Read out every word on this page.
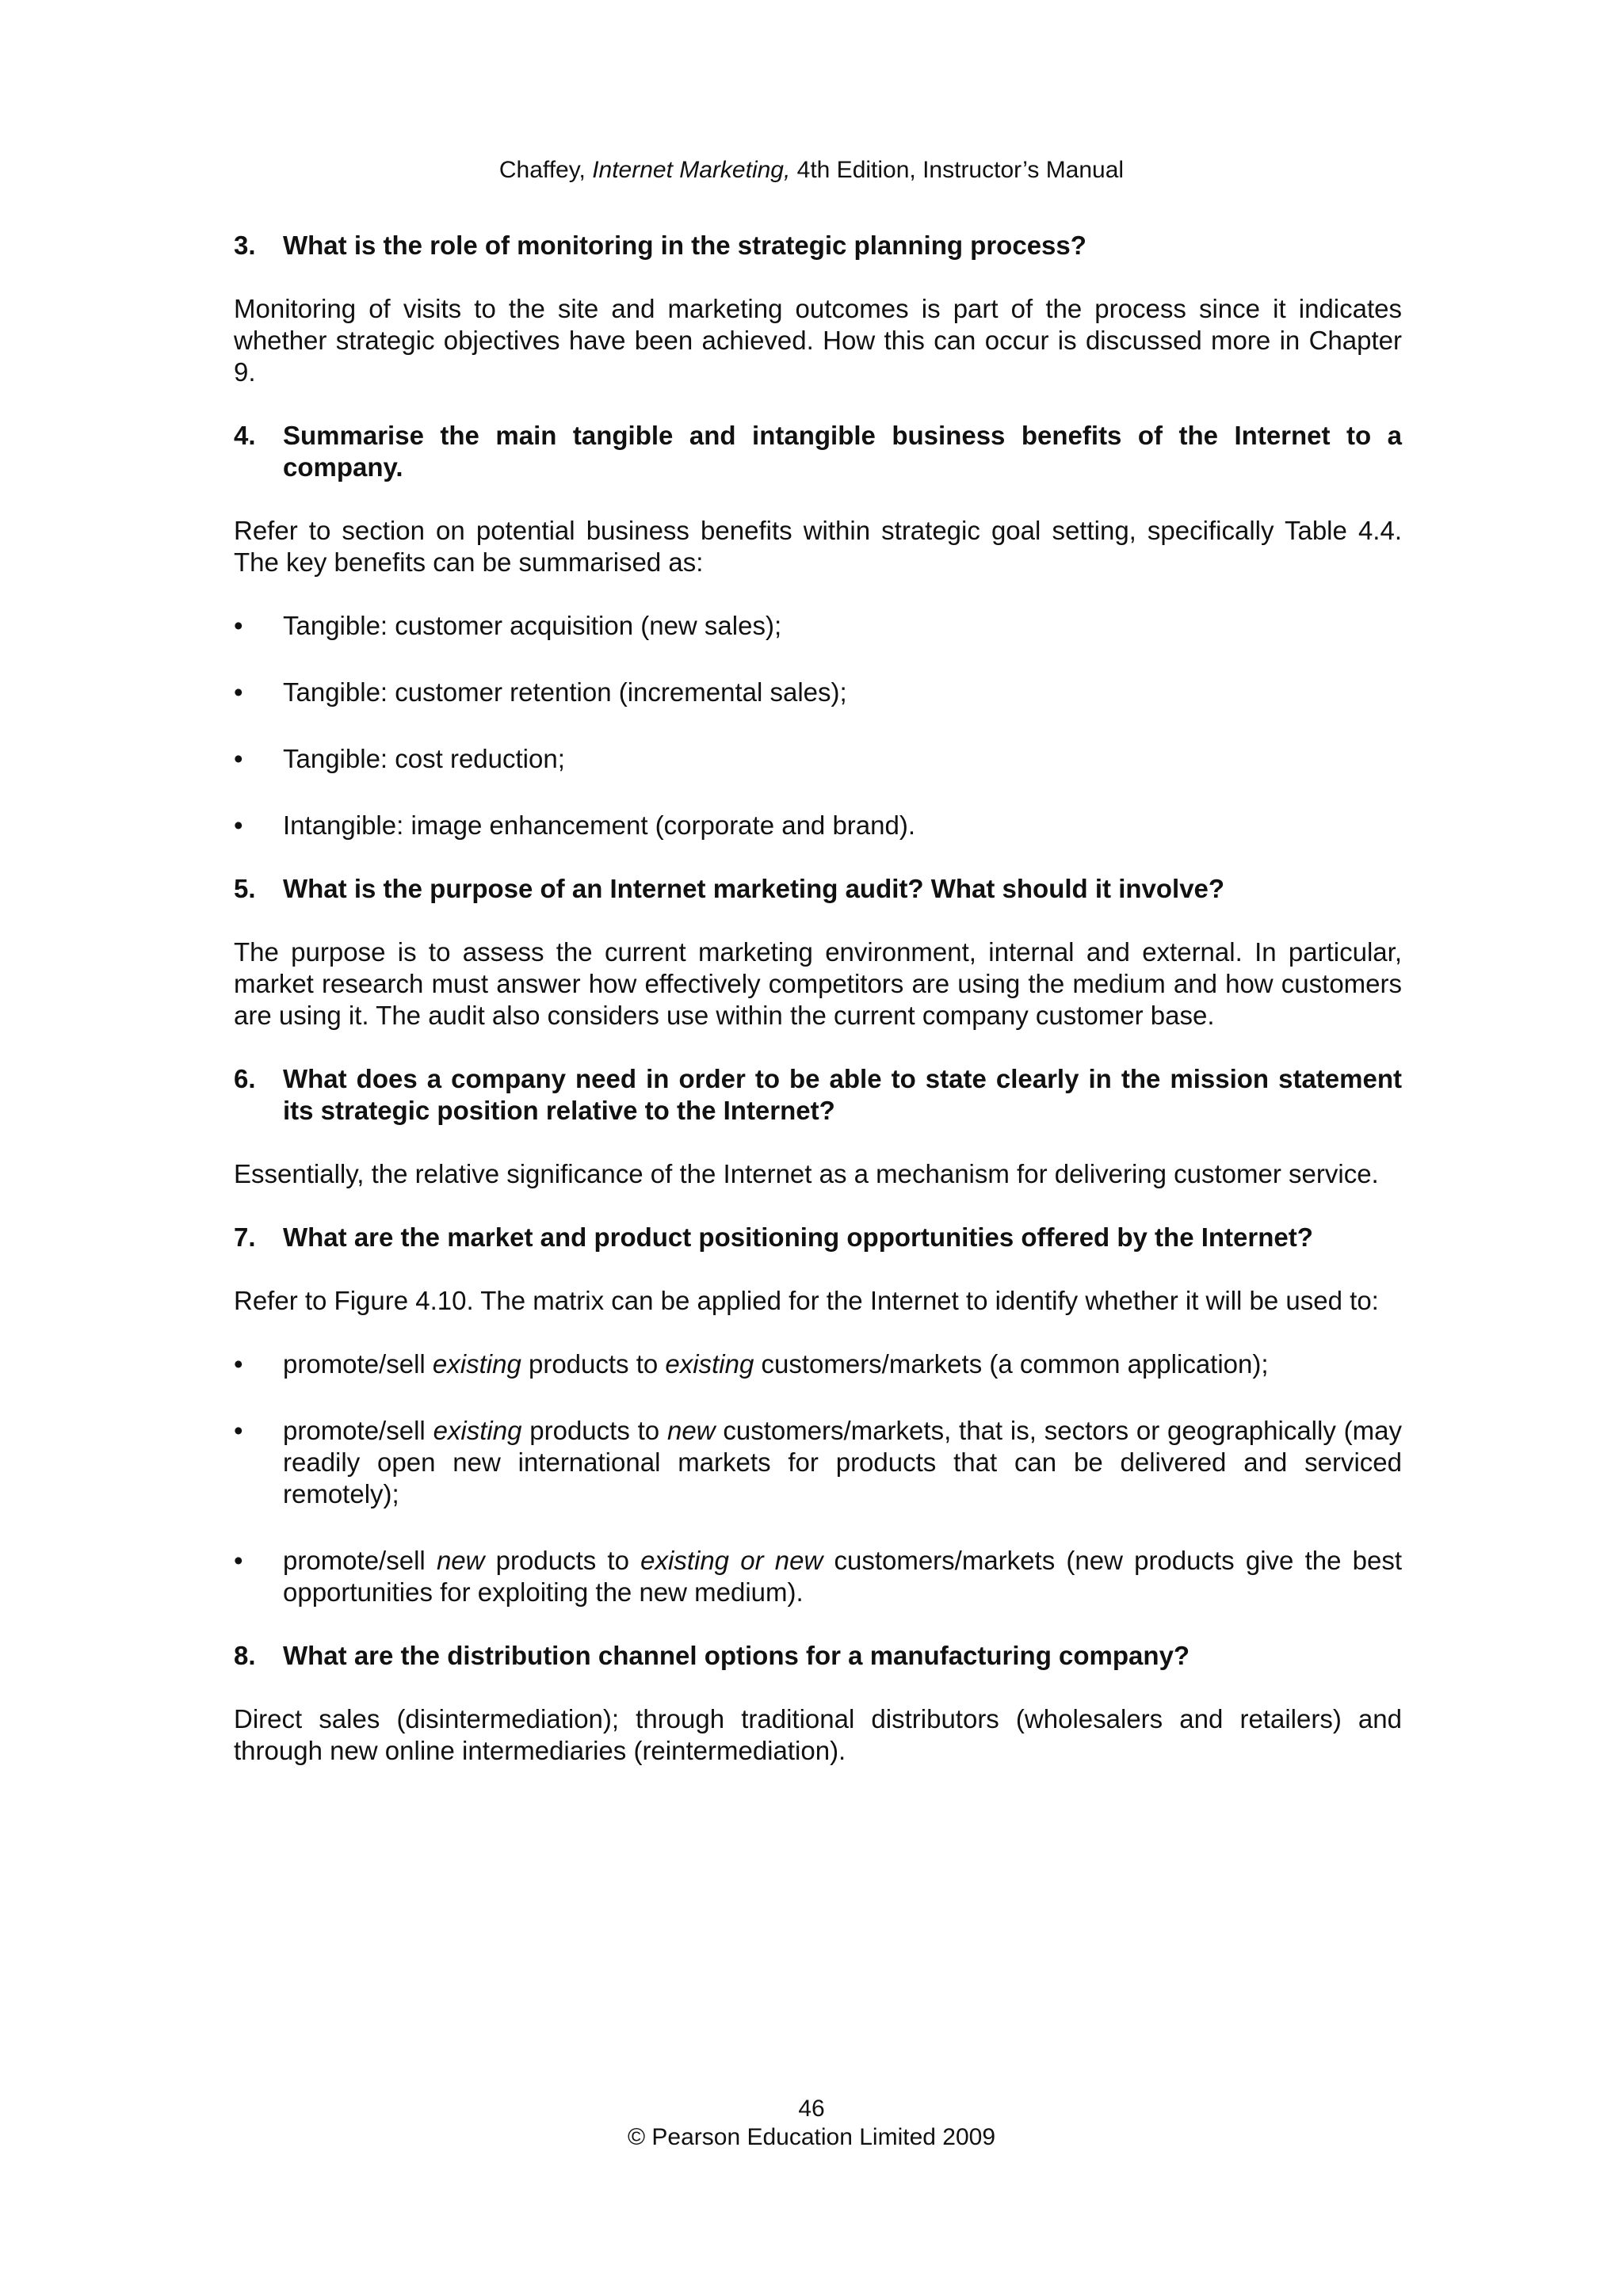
Chaffey, Internet Marketing, 4th Edition, Instructor’s Manual
3.	What is the role of monitoring in the strategic planning process?

Monitoring of visits to the site and marketing outcomes is part of the process since it indicates whether strategic objectives have been achieved. How this can occur is discussed more in Chapter 9.

4.	Summarise the main tangible and intangible business benefits of the Internet to a company.

Refer to section on potential business benefits within strategic goal setting, specifically Table 4.4. The key benefits can be summarised as:

•	Tangible: customer acquisition (new sales);
•	Tangible: customer retention (incremental sales);
•	Tangible: cost reduction;
•	Intangible: image enhancement (corporate and brand).
5.	What is the purpose of an Internet marketing audit? What should it involve?

The purpose is to assess the current marketing environment, internal and external. In particular, market research must answer how effectively competitors are using the medium and how customers are using it. The audit also considers use within the current company customer base.

6.	What does a company need in order to be able to state clearly in the mission statement its strategic position relative to the Internet?

Essentially, the relative significance of the Internet as a mechanism for delivering customer service.

7.	What are the market and product positioning opportunities offered by the Internet?

Refer to Figure 4.10. The matrix can be applied for the Internet to identify whether it will be used to:

•	promote/sell existing products to existing customers/markets (a common application);
•	promote/sell existing products to new customers/markets, that is, sectors or geographically (may readily open new international markets for products that can be delivered and serviced remotely);
•	promote/sell new products to existing or new customers/markets (new products give the best opportunities for exploiting the new medium).
8.	What are the distribution channel options for a manufacturing company?

Direct sales (disintermediation); through traditional distributors (wholesalers and retailers) and through new online intermediaries (reintermediation).

46
© Pearson Education Limited 2009
